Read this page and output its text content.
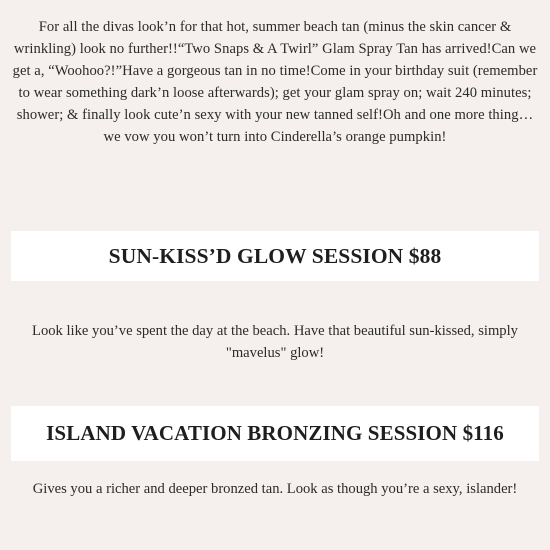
For all the divas look’n for that hot, summer beach tan (minus the skin cancer & wrinkling) look no further!!“Two Snaps & A Twirl” Glam Spray Tan has arrived!Can we get a, “Woohoo?!”Have a gorgeous tan in no time!Come in your birthday suit (remember to wear something dark’n loose afterwards); get your glam spray on; wait 240 minutes; shower; & finally look cute’n sexy with your new tanned self!Oh and one more thing…we vow you won’t turn into Cinderella’s orange pumpkin!

SUN-KISS’D GLOW SESSION $88

Look like you’ve spent the day at the beach. Have that beautiful sun-kissed, simply "mavelus" glow!

ISLAND VACATION BRONZING SESSION $116

Gives you a richer and deeper bronzed tan. Look as though you’re a sexy, islander!
